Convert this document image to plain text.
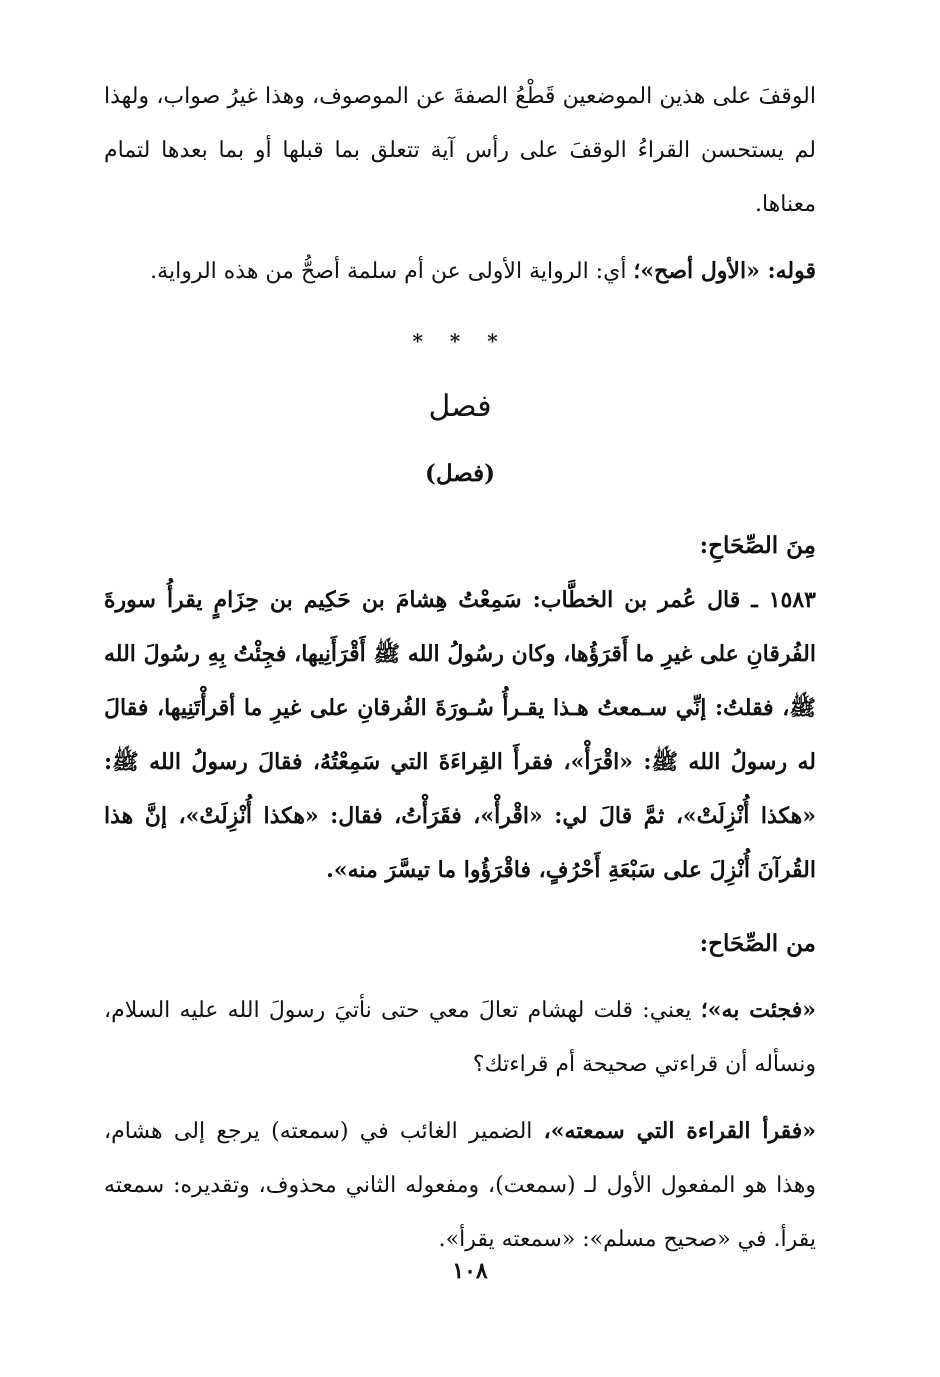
الوقفَ على هذين الموضعين قَطْعُ الصفةَ عن الموصوف، وهذا غيرُ صواب، ولهذا لم يستحسن القراءُ الوقفَ على رأس آية تتعلق بما قبلها أو بما بعدها لتمام معناها.

قوله: «الأول أصح»؛ أي: الرواية الأولى عن أم سلمة أصحُّ من هذه الرواية.

* * *
فصل
(فصل)
مِنَ الصِّحَاحِ:

١٥٨٣ ـ قال عُمر بن الخطَّاب: سَمِعْتُ هِشامَ بن حَكِيم بن حِزَامٍ يقرأُ سورةَ الفُرقانِ على غيرِ ما أَقرَؤُها، وكان رسُولُ الله ﷺ أَقْرَأَنِيها، فجِئْتُ بِهِ رسُولَ الله ﷺ، فقلتُ: إنِّي سـمعتُ هـذا يقـرأُ سُـورَةَ الفُرقانِ على غيرِ ما أقرأْتَنِيها، فقالَ له رسولُ الله ﷺ: «اقْرَأْ»، فقرأَ القِراءَةَ التي سَمِعْتُهُ، فقالَ رسولُ الله ﷺ: «هكذا أُنْزِلَتْ»، ثمَّ قالَ لي: «اقْرأْ»، فقَرَأْتُ، فقال: «هكذا أُنْزِلَتْ»، إنَّ هذا القُرآنَ أُنْزِلَ على سَبْعَةِ أَحْرُفٍ، فاقْرَؤُوا ما تيسَّرَ منه».

من الصِّحَاح:

«فجئت به»؛ يعني: قلت لهشام تعالَ معي حتى نأتيَ رسولَ الله عليه السلام، ونسأله أن قراءتي صحيحة أم قراءتك؟

«فقرأ القراءة التي سمعته»، الضمير الغائب في (سمعته) يرجع إلى هشام، وهذا هو المفعول الأول لـ (سمعت)، ومفعوله الثاني محذوف، وتقديره: سمعته يقرأ. في «صحيح مسلم»: «سمعته يقرأ».

١٠٨
